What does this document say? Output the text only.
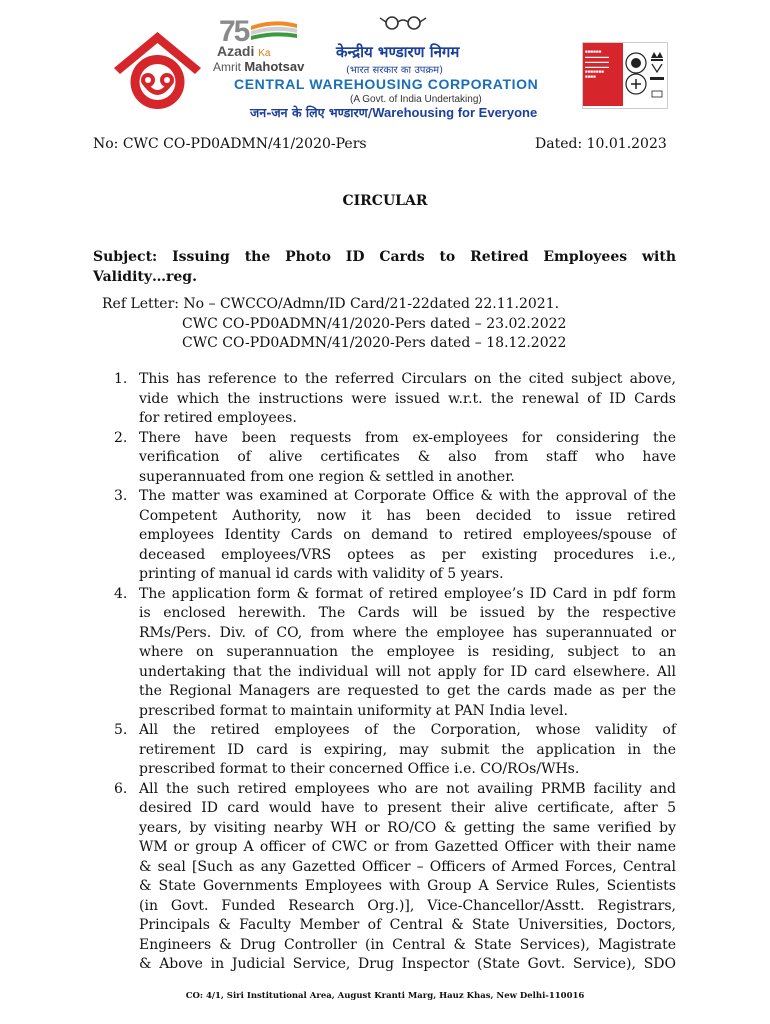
75
Azadi Ka
Amrit Mahotsav
केन्द्रीय भण्डारण निगम
(भारत सरकार का उपक्रम)
CENTRAL WAREHOUSING CORPORATION
(A Govt. of India Undertaking)
जन-जन के लिए भण्डारण/Warehousing for Everyone
■■■■■■
▬▬▬▬▬▬
▬▬▬▬▬▬
▬▬▬▬▬▬
■■■■■■■
■■■■
No: CWC CO-PD0ADMN/41/2020-Pers	Dated: 10.01.2023
CIRCULAR
Subject: Issuing the Photo ID Cards to Retired Employees with
Validity…reg.
Ref Letter: No – CWCCO/Admn/ID Card/21-22dated 22.11.2021.
CWC CO-PD0ADMN/41/2020-Pers dated – 23.02.2022
CWC CO-PD0ADMN/41/2020-Pers dated – 18.12.2022
1. This has reference to the referred Circulars on the cited subject above,
vide which the instructions were issued w.r.t. the renewal of ID Cards
for retired employees.
2. There have been requests from ex-employees for considering the
verification of alive certificates & also from staff who have
superannuated from one region & settled in another.
3. The matter was examined at Corporate Office & with the approval of the
Competent Authority, now it has been decided to issue retired
employees Identity Cards on demand to retired employees/spouse of
deceased employees/VRS optees as per existing procedures i.e.,
printing of manual id cards with validity of 5 years.
4. The application form & format of retired employee’s ID Card in pdf form
is enclosed herewith. The Cards will be issued by the respective
RMs/Pers. Div. of CO, from where the employee has superannuated or
where on superannuation the employee is residing, subject to an
undertaking that the individual will not apply for ID card elsewhere. All
the Regional Managers are requested to get the cards made as per the
prescribed format to maintain uniformity at PAN India level.
5. All the retired employees of the Corporation, whose validity of
retirement ID card is expiring, may submit the application in the
prescribed format to their concerned Office i.e. CO/ROs/WHs.
6. All the such retired employees who are not availing PRMB facility and
desired ID card would have to present their alive certificate, after 5
years, by visiting nearby WH or RO/CO & getting the same verified by
WM or group A officer of CWC or from Gazetted Officer with their name
& seal [Such as any Gazetted Officer – Officers of Armed Forces, Central
& State Governments Employees with Group A Service Rules, Scientists
(in Govt. Funded Research Org.)], Vice-Chancellor/Asstt. Registrars,
Principals & Faculty Member of Central & State Universities, Doctors,
Engineers & Drug Controller (in Central & State Services), Magistrate
& Above in Judicial Service, Drug Inspector (State Govt. Service), SDO
CO: 4/1, Siri Institutional Area, August Kranti Marg, Hauz Khas, New Delhi-110016
